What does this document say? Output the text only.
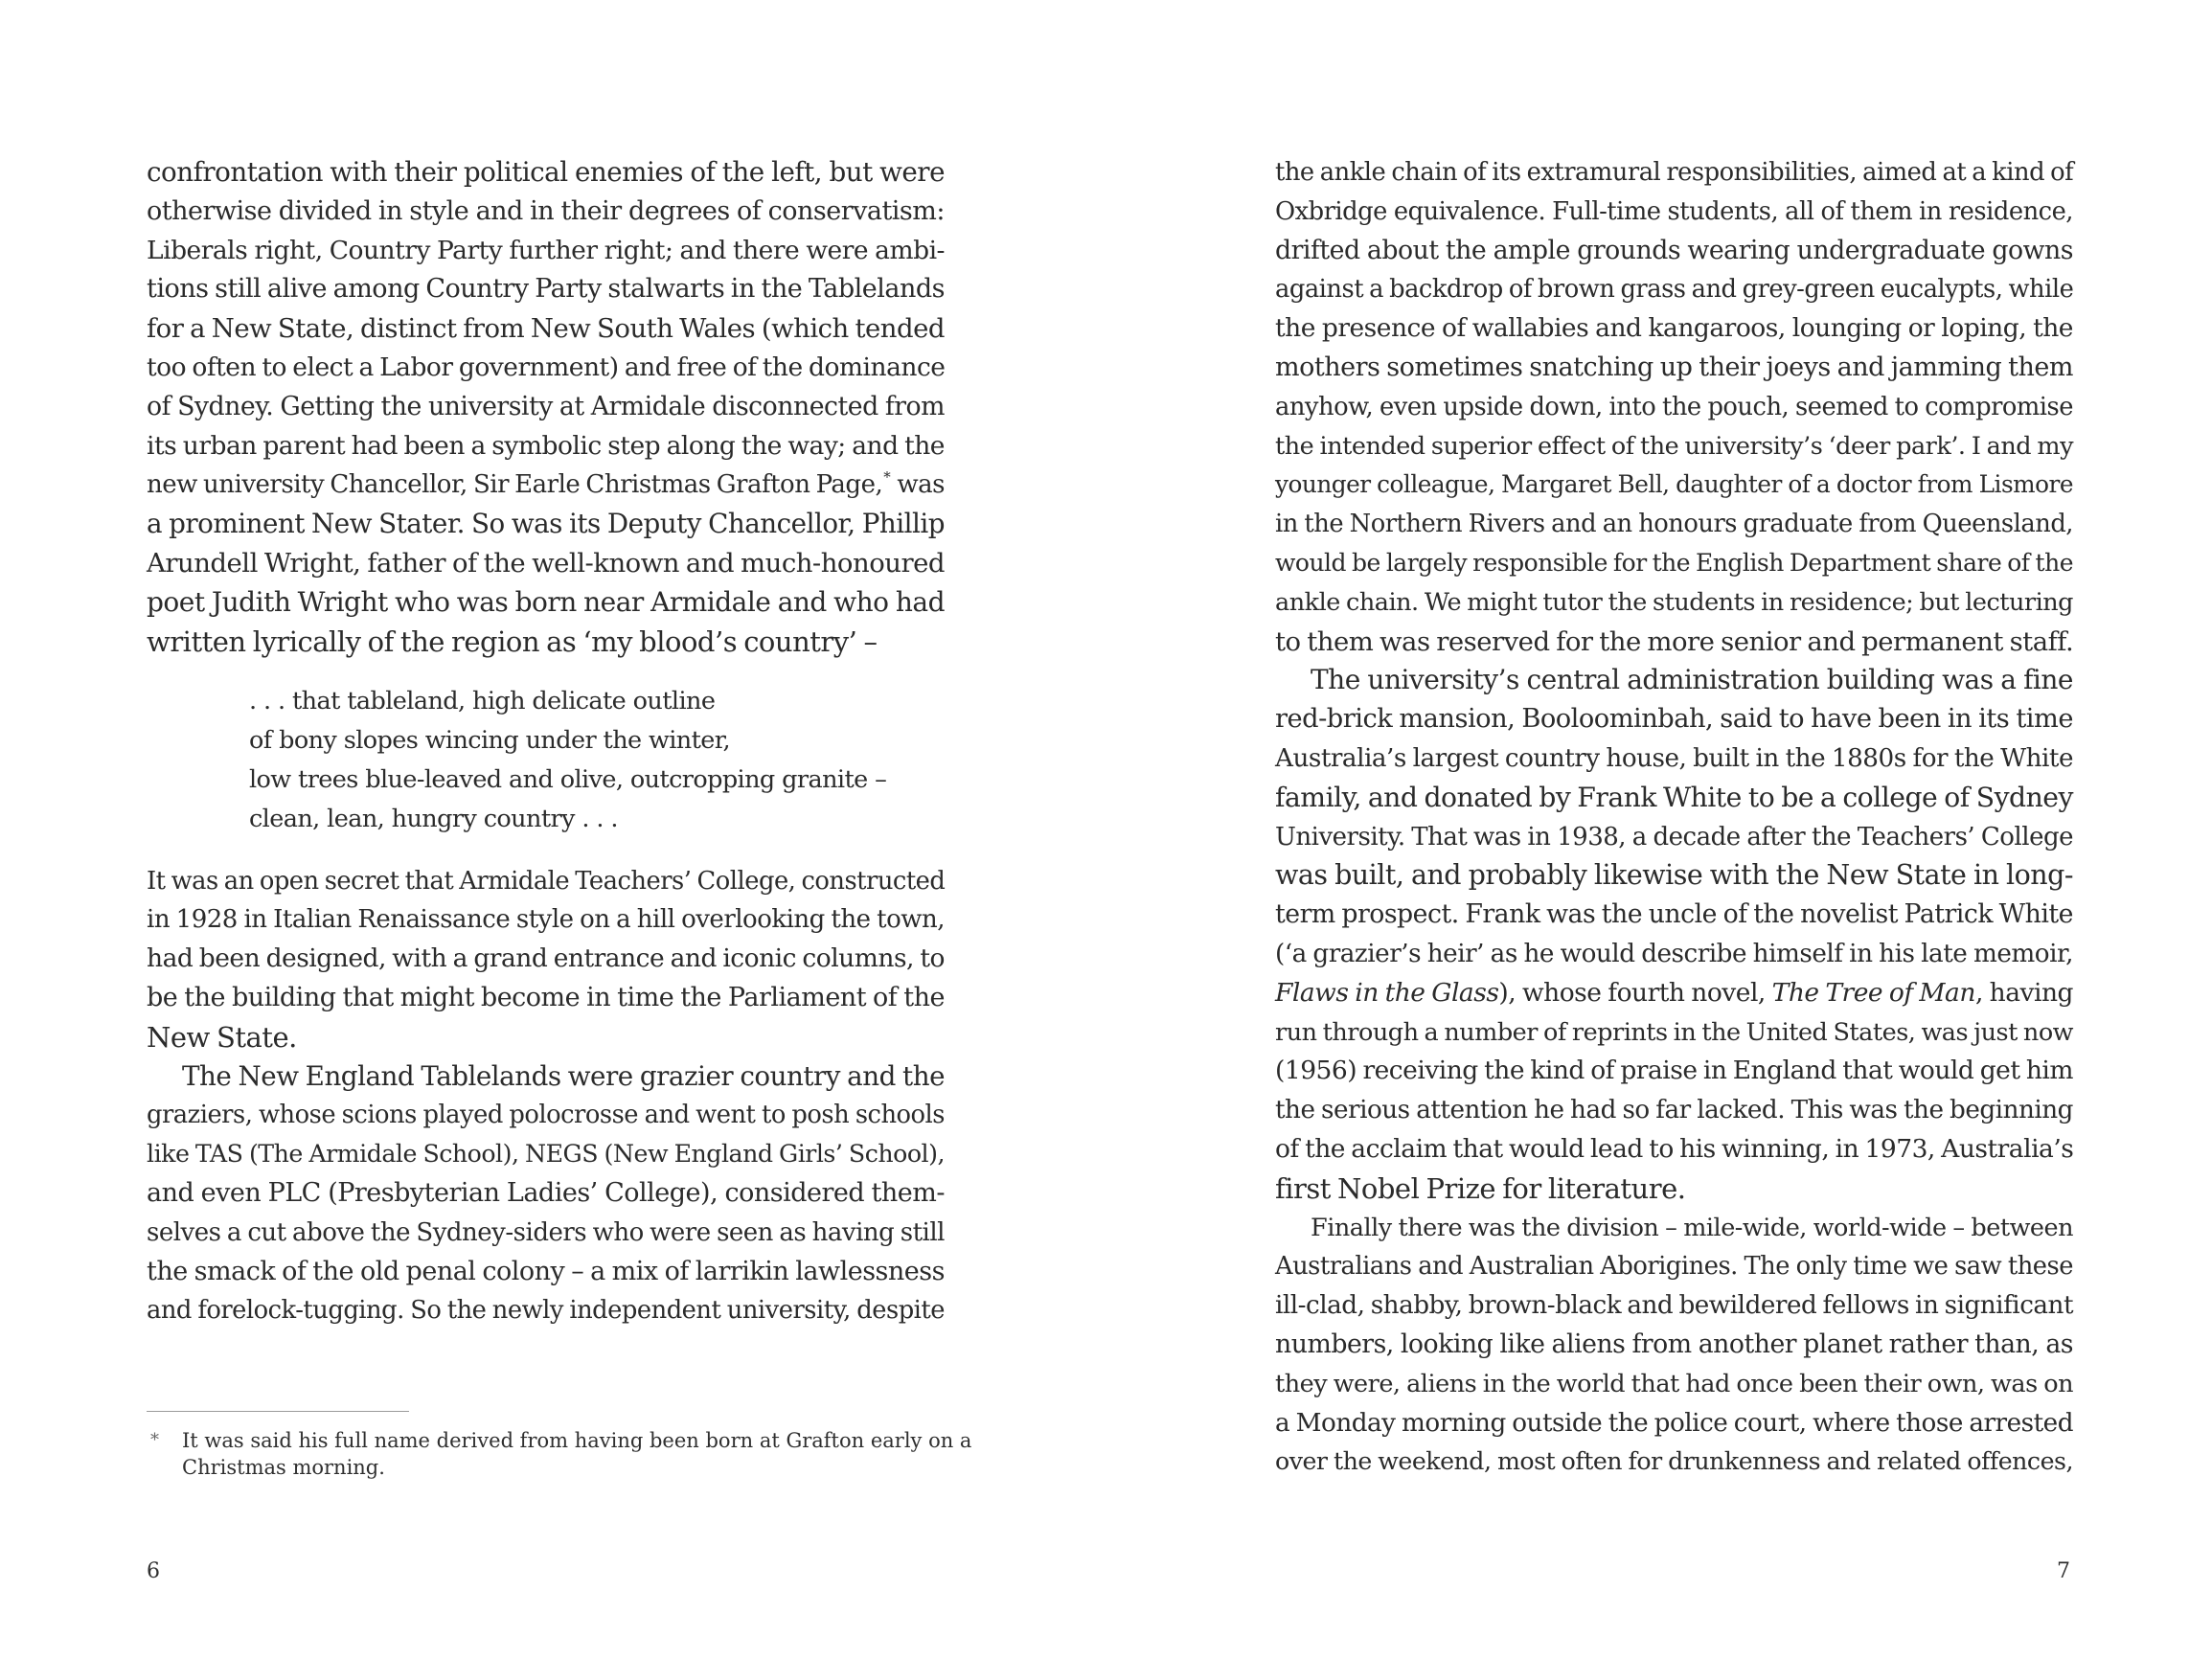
confrontation with their political enemies of the left, but were
otherwise divided in style and in their degrees of conservatism:
Liberals right, Country Party further right; and there were ambi-
tions still alive among Country Party stalwarts in the Tablelands
for a New State, distinct from New South Wales (which tended
too often to elect a Labor government) and free of the dominance
of Sydney. Getting the university at Armidale disconnected from
its urban parent had been a symbolic step along the way; and the
new university Chancellor, Sir Earle Christmas Grafton Page,* was
a prominent New Stater. So was its Deputy Chancellor, Phillip
Arundell Wright, father of the well-known and much-honoured
poet Judith Wright who was born near Armidale and who had
written lyrically of the region as ‘my blood’s country’ –
. . . that tableland, high delicate outline
of bony slopes wincing under the winter,
low trees blue-leaved and olive, outcropping granite –
clean, lean, hungry country . . .
It was an open secret that Armidale Teachers’ College, constructed
in 1928 in Italian Renaissance style on a hill overlooking the town,
had been designed, with a grand entrance and iconic columns, to
be the building that might become in time the Parliament of the
New State.
The New England Tablelands were grazier country and the
graziers, whose scions played polocrosse and went to posh schools
like TAS (The Armidale School), NEGS (New England Girls’ School),
and even PLC (Presbyterian Ladies’ College), considered them-
selves a cut above the Sydney-siders who were seen as having still
the smack of the old penal colony – a mix of larrikin lawlessness
and forelock-tugging. So the newly independent university, despite
* It was said his full name derived from having been born at Grafton early on a
Christmas morning.
6
the ankle chain of its extramural responsibilities, aimed at a kind of
Oxbridge equivalence. Full-time students, all of them in residence,
drifted about the ample grounds wearing undergraduate gowns
against a backdrop of brown grass and grey-green eucalypts, while
the presence of wallabies and kangaroos, lounging or loping, the
mothers sometimes snatching up their joeys and jamming them
anyhow, even upside down, into the pouch, seemed to compromise
the intended superior effect of the university’s ‘deer park’. I and my
younger colleague, Margaret Bell, daughter of a doctor from Lismore
in the Northern Rivers and an honours graduate from Queensland,
would be largely responsible for the English Department share of the
ankle chain. We might tutor the students in residence; but lecturing
to them was reserved for the more senior and permanent staff.
The university’s central administration building was a fine
red-brick mansion, Booloominbah, said to have been in its time
Australia’s largest country house, built in the 1880s for the White
family, and donated by Frank White to be a college of Sydney
University. That was in 1938, a decade after the Teachers’ College
was built, and probably likewise with the New State in long-
term prospect. Frank was the uncle of the novelist Patrick White
(‘a grazier’s heir’ as he would describe himself in his late memoir,
Flaws in the Glass), whose fourth novel, The Tree of Man, having
run through a number of reprints in the United States, was just now
(1956) receiving the kind of praise in England that would get him
the serious attention he had so far lacked. This was the beginning
of the acclaim that would lead to his winning, in 1973, Australia’s
first Nobel Prize for literature.
Finally there was the division – mile-wide, world-wide – between
Australians and Australian Aborigines. The only time we saw these
ill-clad, shabby, brown-black and bewildered fellows in significant
numbers, looking like aliens from another planet rather than, as
they were, aliens in the world that had once been their own, was on
a Monday morning outside the police court, where those arrested
over the weekend, most often for drunkenness and related offences,
7
